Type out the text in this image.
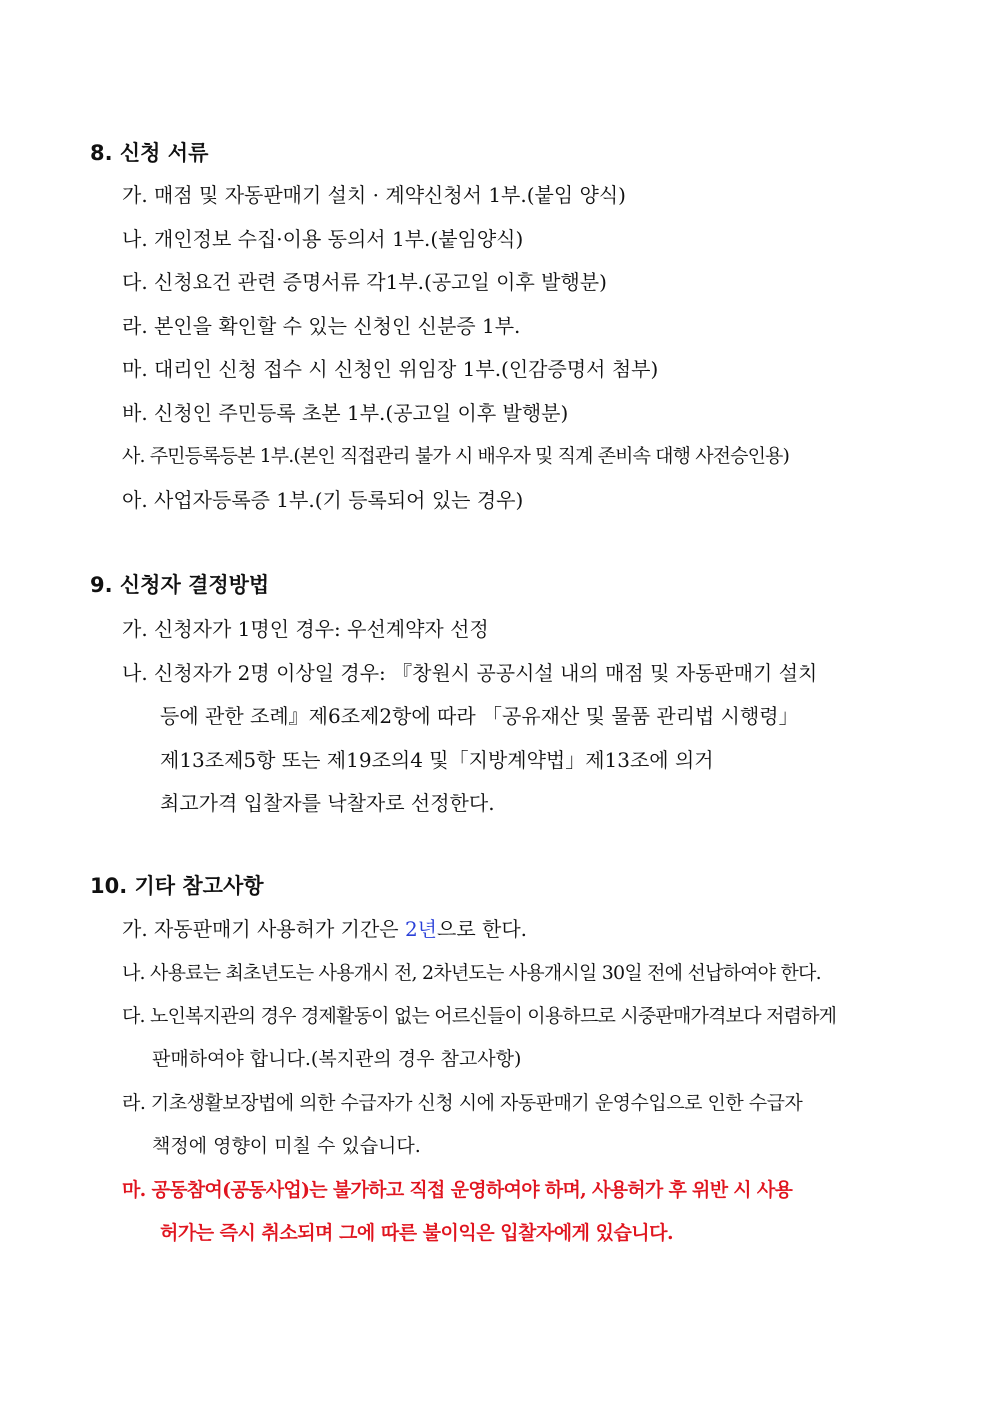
8. 신청 서류
가. 매점 및 자동판매기 설치 · 계약신청서 1부.(붙임 양식)
나. 개인정보 수집·이용 동의서 1부.(붙임양식)
다. 신청요건 관련 증명서류 각1부.(공고일 이후 발행분)
라. 본인을 확인할 수 있는 신청인 신분증 1부.
마. 대리인 신청 접수 시 신청인 위임장 1부.(인감증명서 첨부)
바. 신청인 주민등록 초본 1부.(공고일 이후 발행분)
사. 주민등록등본 1부.(본인 직접관리 불가 시 배우자 및 직계 존비속 대행 사전승인용)
아. 사업자등록증 1부.(기 등록되어 있는 경우)
9. 신청자 결정방법
가. 신청자가 1명인 경우: 우선계약자 선정
나. 신청자가 2명 이상일 경우: 『창원시 공공시설 내의 매점 및 자동판매기 설치
등에 관한 조례』제6조제2항에 따라 「공유재산 및 물품 관리법 시행령」
제13조제5항 또는 제19조의4 및「지방계약법」제13조에 의거
최고가격 입찰자를 낙찰자로 선정한다.
10. 기타 참고사항
가. 자동판매기 사용허가 기간은 2년으로 한다.
나. 사용료는 최초년도는 사용개시 전, 2차년도는 사용개시일 30일 전에 선납하여야 한다.
다. 노인복지관의 경우 경제활동이 없는 어르신들이 이용하므로 시중판매가격보다 저렴하게
판매하여야 합니다.(복지관의 경우 참고사항)
라. 기초생활보장법에 의한 수급자가 신청 시에 자동판매기 운영수입으로 인한 수급자
책정에 영향이 미칠 수 있습니다.
마. 공동참여(공동사업)는 불가하고 직접 운영하여야 하며, 사용허가 후 위반 시 사용
허가는 즉시 취소되며 그에 따른 불이익은 입찰자에게 있습니다.
